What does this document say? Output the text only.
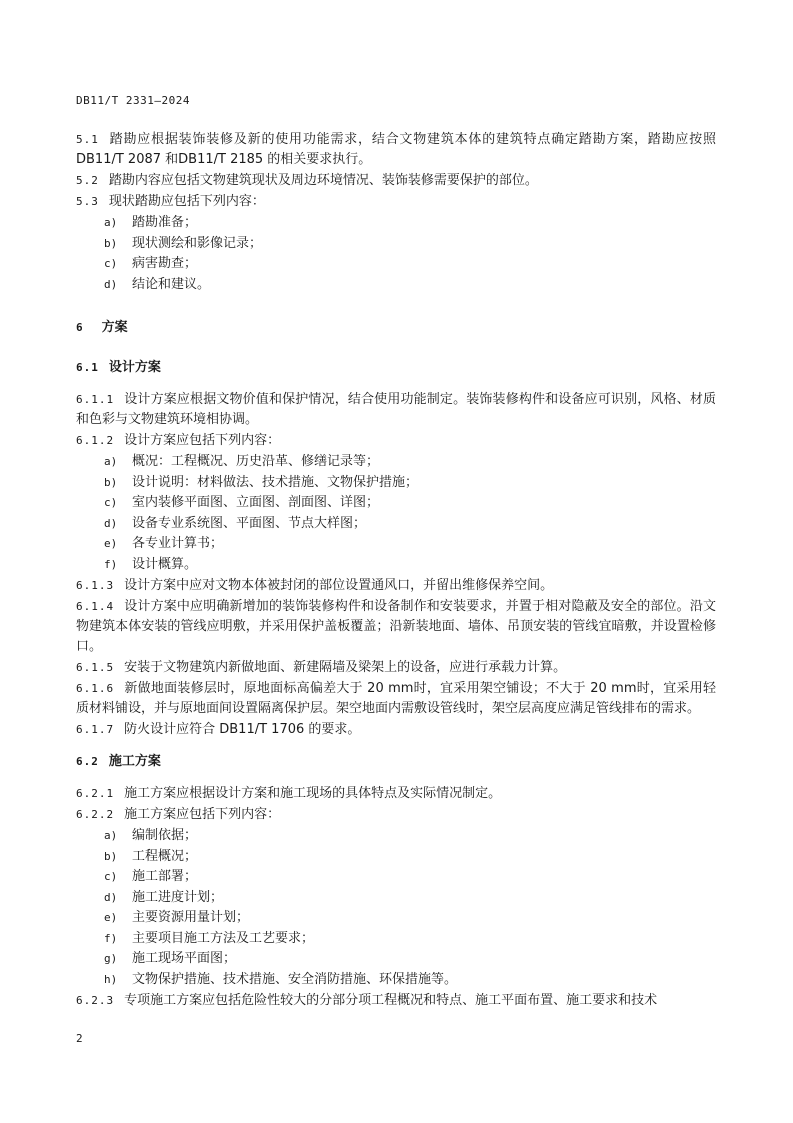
DB11/T 2331—2024

5.1 踏勘应根据装饰装修及新的使用功能需求，结合文物建筑本体的建筑特点确定踏勘方案，踏勘应按照DB11/T 2087 和DB11/T 2185 的相关要求执行。

5.2 踏勘内容应包括文物建筑现状及周边环境情况、装饰装修需要保护的部位。

5.3 现状踏勘应包括下列内容：

a) 踏勘准备；
b) 现状测绘和影像记录；
c) 病害勘查；
d) 结论和建议。
6 方案
6.1 设计方案

6.1.1 设计方案应根据文物价值和保护情况，结合使用功能制定。装饰装修构件和设备应可识别，风格、材质和色彩与文物建筑环境相协调。

6.1.2 设计方案应包括下列内容：

a) 概况：工程概况、历史沿革、修缮记录等；
b) 设计说明：材料做法、技术措施、文物保护措施；
c) 室内装修平面图、立面图、剖面图、详图；
d) 设备专业系统图、平面图、节点大样图；
e) 各专业计算书；
f) 设计概算。

6.1.3 设计方案中应对文物本体被封闭的部位设置通风口，并留出维修保养空间。

6.1.4 设计方案中应明确新增加的装饰装修构件和设备制作和安装要求，并置于相对隐蔽及安全的部位。沿文物建筑本体安装的管线应明敷，并采用保护盖板覆盖；沿新装地面、墙体、吊顶安装的管线宜暗敷，并设置检修口。

6.1.5 安装于文物建筑内新做地面、新建隔墙及梁架上的设备，应进行承载力计算。

6.1.6 新做地面装修层时，原地面标高偏差大于 20 mm时，宜采用架空铺设；不大于 20 mm时，宜采用轻质材料铺设，并与原地面间设置隔离保护层。架空地面内需敷设管线时，架空层高度应满足管线排布的需求。

6.1.7 防火设计应符合 DB11/T 1706 的要求。

6.2 施工方案

6.2.1 施工方案应根据设计方案和施工现场的具体特点及实际情况制定。

6.2.2 施工方案应包括下列内容：

a) 编制依据；
b) 工程概况；
c) 施工部署；
d) 施工进度计划；
e) 主要资源用量计划；
f) 主要项目施工方法及工艺要求；
g) 施工现场平面图；
h) 文物保护措施、技术措施、安全消防措施、环保措施等。

6.2.3 专项施工方案应包括危险性较大的分部分项工程概况和特点、施工平面布置、施工要求和技术

2
